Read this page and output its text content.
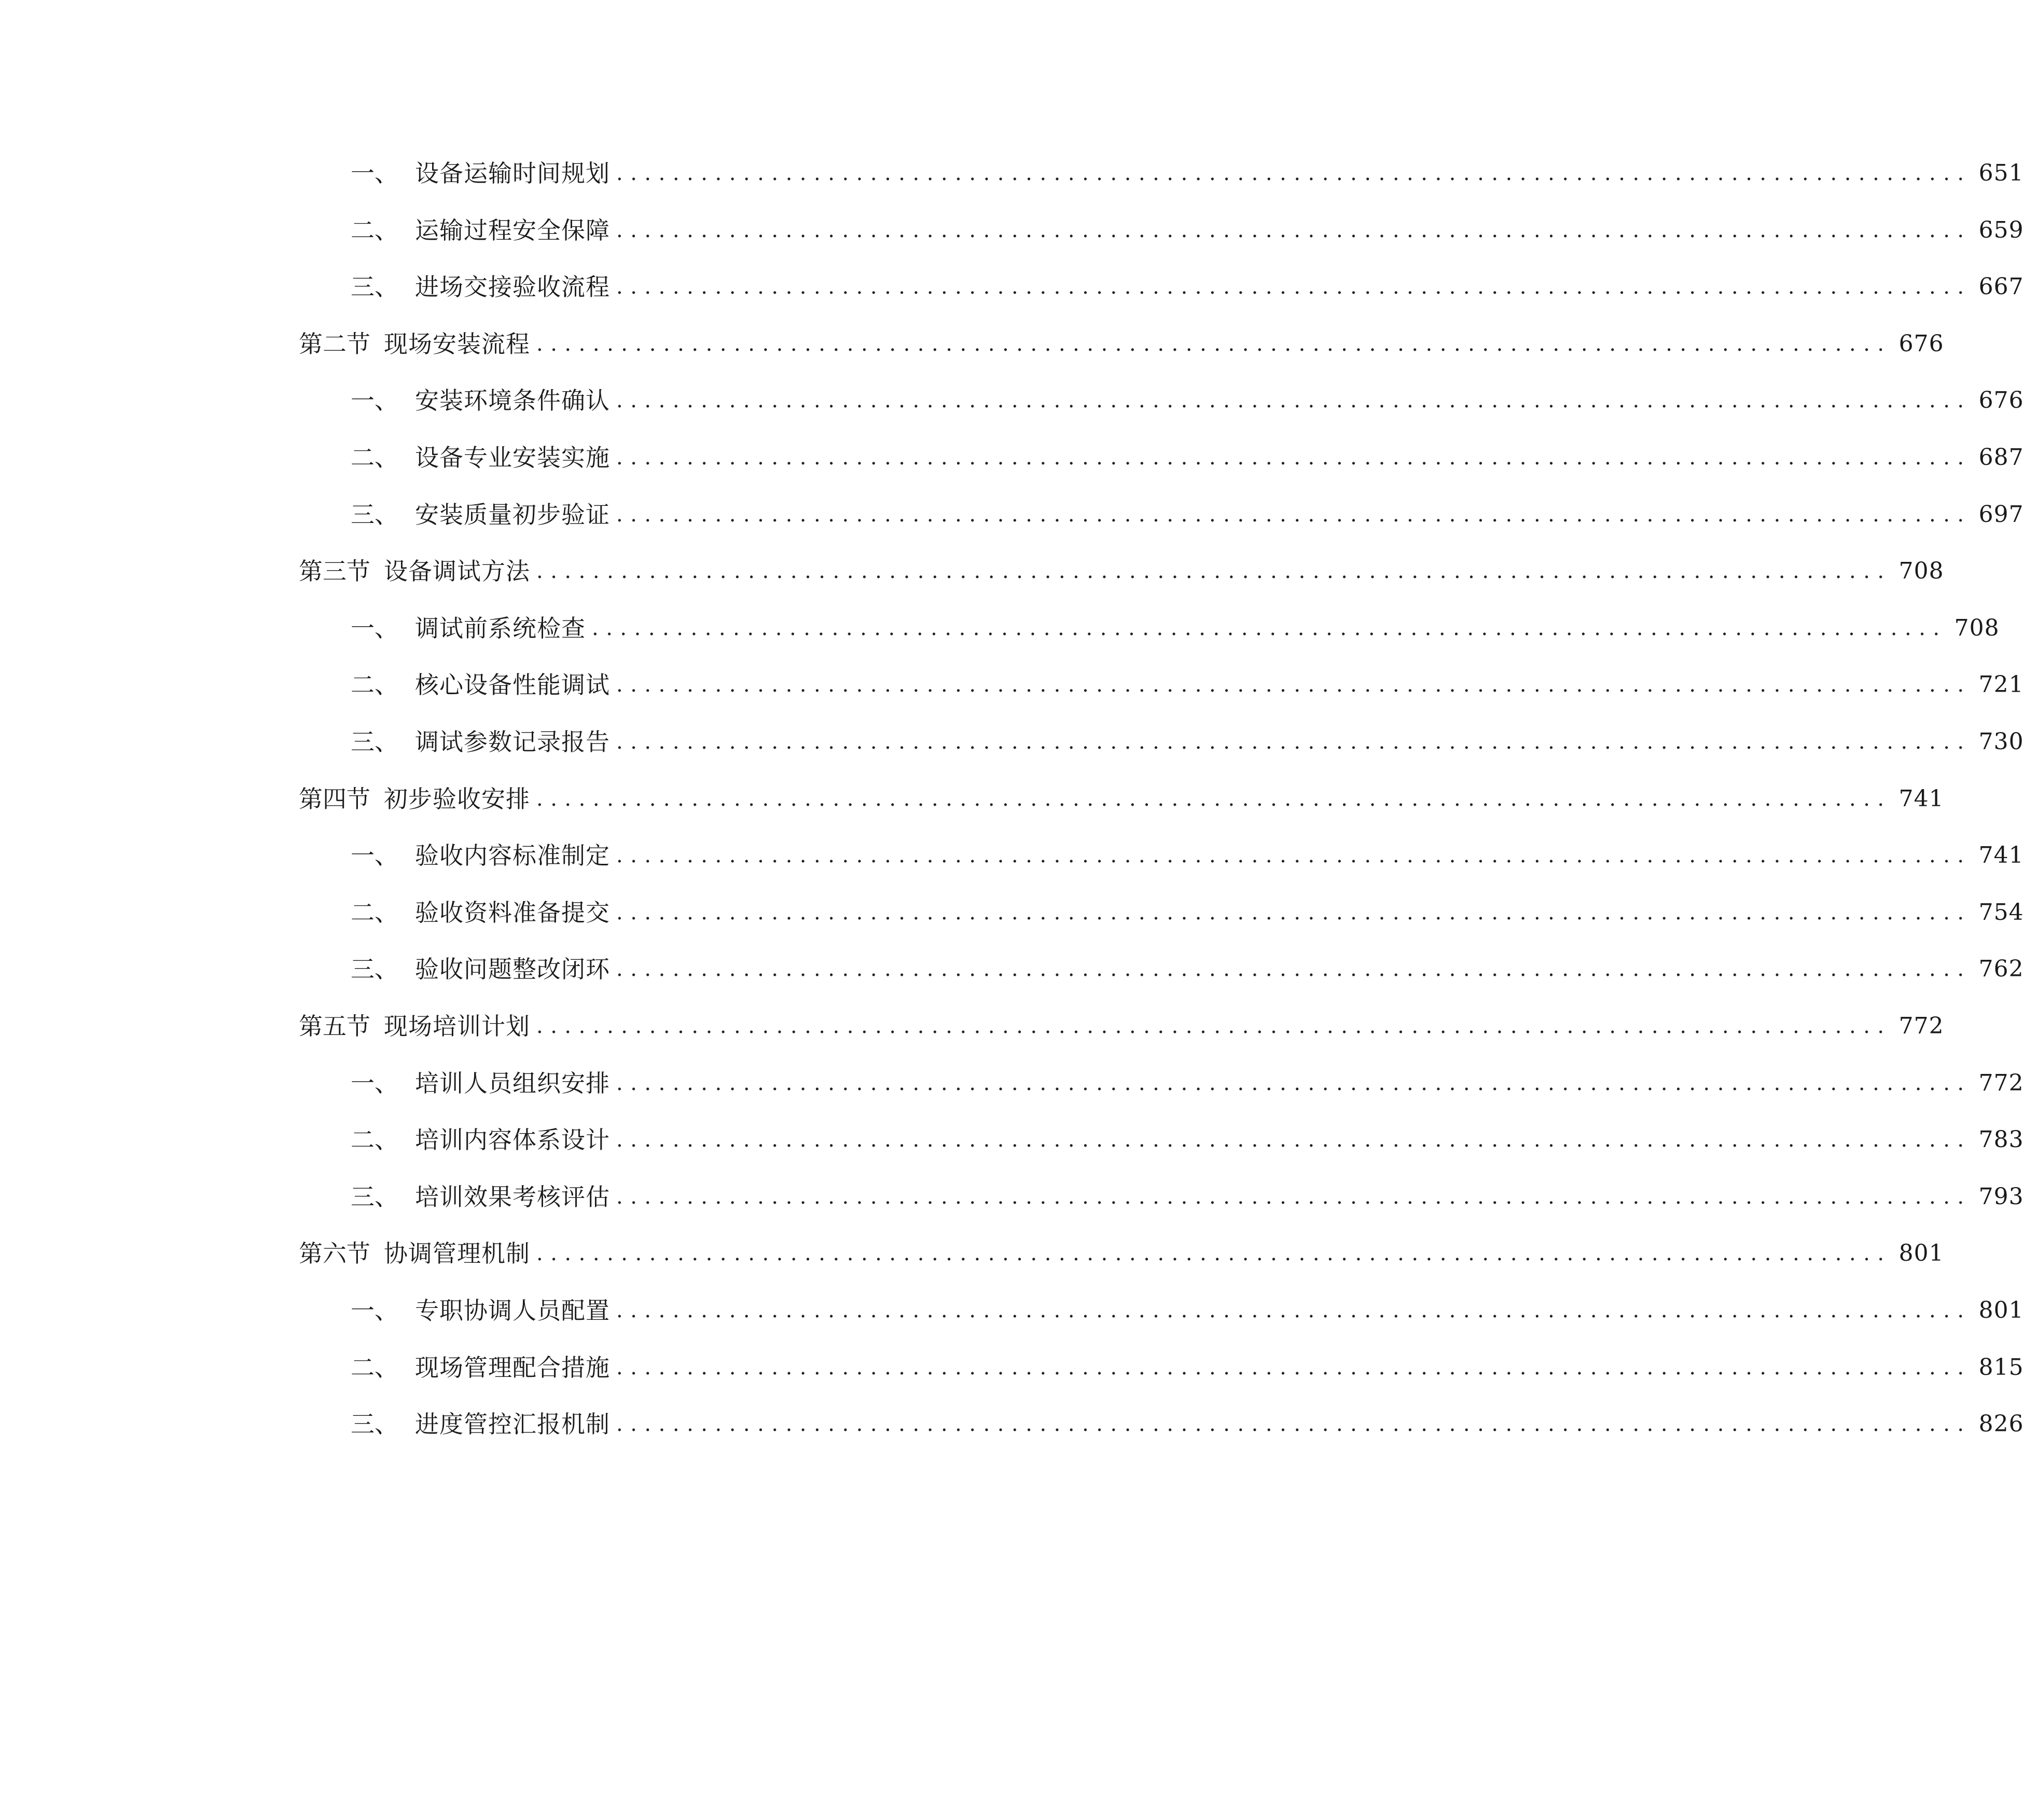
一、 设备运输时间规划 ................................................................................................ 651
二、 运输过程安全保障 ................................................................................................ 659
三、 进场交接验收流程 ................................................................................................ 667
第二节 现场安装流程 ................................................................................................ 676
一、 安装环境条件确认 ................................................................................................ 676
二、 设备专业安装实施 ................................................................................................ 687
三、 安装质量初步验证 ................................................................................................ 697
第三节 设备调试方法 ................................................................................................ 708
一、 调试前系统检查 ................................................................................................ 708
二、 核心设备性能调试 ................................................................................................ 721
三、 调试参数记录报告 ................................................................................................ 730
第四节 初步验收安排 ................................................................................................ 741
一、 验收内容标准制定 ................................................................................................ 741
二、 验收资料准备提交 ................................................................................................ 754
三、 验收问题整改闭环 ................................................................................................ 762
第五节 现场培训计划 ................................................................................................ 772
一、 培训人员组织安排 ................................................................................................ 772
二、 培训内容体系设计 ................................................................................................ 783
三、 培训效果考核评估 ................................................................................................ 793
第六节 协调管理机制 ................................................................................................ 801
一、 专职协调人员配置 ................................................................................................ 801
二、 现场管理配合措施 ................................................................................................ 815
三、 进度管控汇报机制 ................................................................................................ 826
